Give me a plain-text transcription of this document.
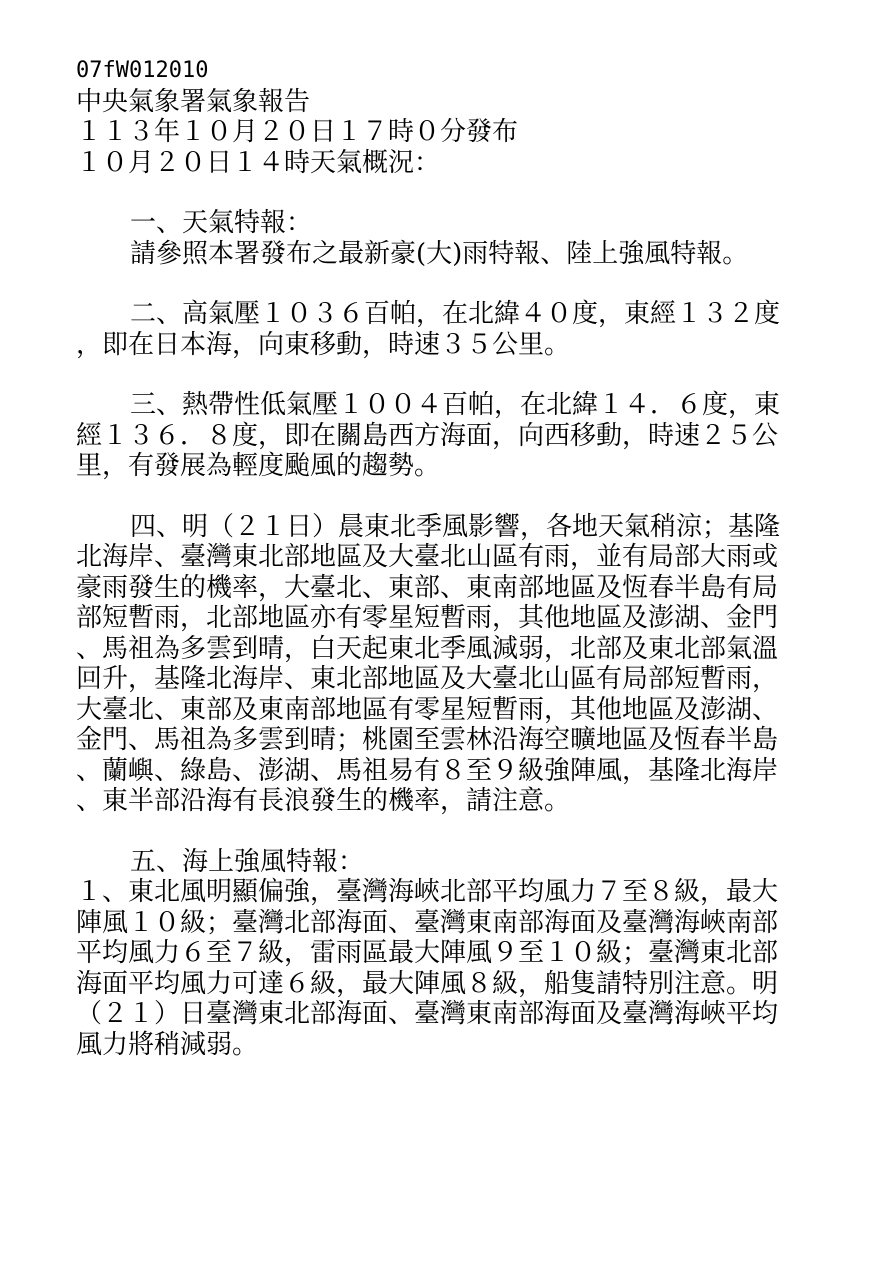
07fW012010
中央氣象署氣象報告
１１３年１０月２０日１７時０分發布
１０月２０日１４時天氣概況：
一、天氣特報：
請參照本署發布之最新豪(大)雨特報、陸上強風特報。
二、高氣壓１０３６百帕，在北緯４０度，東經１３２度
，即在日本海，向東移動，時速３５公里。
三、熱帶性低氣壓１００４百帕，在北緯１４．６度，東
經１３６．８度，即在關島西方海面，向西移動，時速２５公
里，有發展為輕度颱風的趨勢。
四、明（２１日）晨東北季風影響，各地天氣稍涼；基隆
北海岸、臺灣東北部地區及大臺北山區有雨，並有局部大雨或
豪雨發生的機率，大臺北、東部、東南部地區及恆春半島有局
部短暫雨，北部地區亦有零星短暫雨，其他地區及澎湖、金門
、馬祖為多雲到晴，白天起東北季風減弱，北部及東北部氣溫
回升，基隆北海岸、東北部地區及大臺北山區有局部短暫雨，
大臺北、東部及東南部地區有零星短暫雨，其他地區及澎湖、
金門、馬祖為多雲到晴；桃園至雲林沿海空曠地區及恆春半島
、蘭嶼、綠島、澎湖、馬祖易有８至９級強陣風，基隆北海岸
、東半部沿海有長浪發生的機率，請注意。
五、海上強風特報：
１、東北風明顯偏強，臺灣海峽北部平均風力７至８級，最大
陣風１０級；臺灣北部海面、臺灣東南部海面及臺灣海峽南部
平均風力６至７級，雷雨區最大陣風９至１０級；臺灣東北部
海面平均風力可達６級，最大陣風８級，船隻請特別注意。明
（２１）日臺灣東北部海面、臺灣東南部海面及臺灣海峽平均
風力將稍減弱。
